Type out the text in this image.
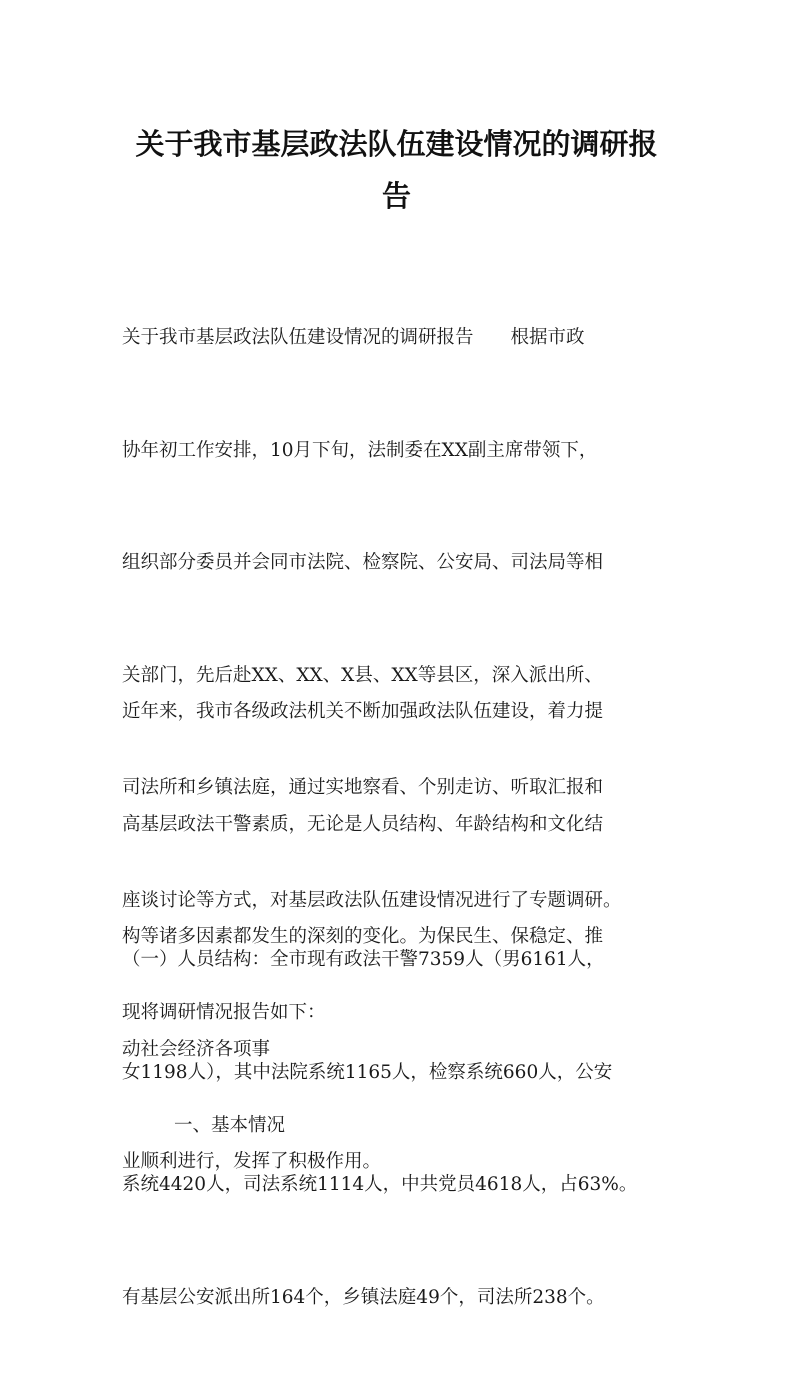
关于我市基层政法队伍建设情况的调研报
告

关于我市基层政法队伍建设情况的调研报告　　根据市政

协年初工作安排，10月下旬，法制委在XX副主席带领下，

组织部分委员并会同市法院、检察院、公安局、司法局等相

关部门，先后赴XX、XX、X县、XX等县区，深入派出所、

司法所和乡镇法庭，通过实地察看、个别走访、听取汇报和

座谈讨论等方式，对基层政法队伍建设情况进行了专题调研。

现将调研情况报告如下：

一、基本情况

近年来，我市各级政法机关不断加强政法队伍建设，着力提

高基层政法干警素质，无论是人员结构、年龄结构和文化结

构等诸多因素都发生的深刻的变化。为保民生、保稳定、推

动社会经济各项事

业顺利进行，发挥了积极作用。

（一）人员结构：全市现有政法干警7359人（男6161人，

女1198人），其中法院系统1165人，检察系统660人，公安

系统4420人，司法系统1114人，中共党员4618人，占63%。

有基层公安派出所164个，乡镇法庭49个，司法所238个。
